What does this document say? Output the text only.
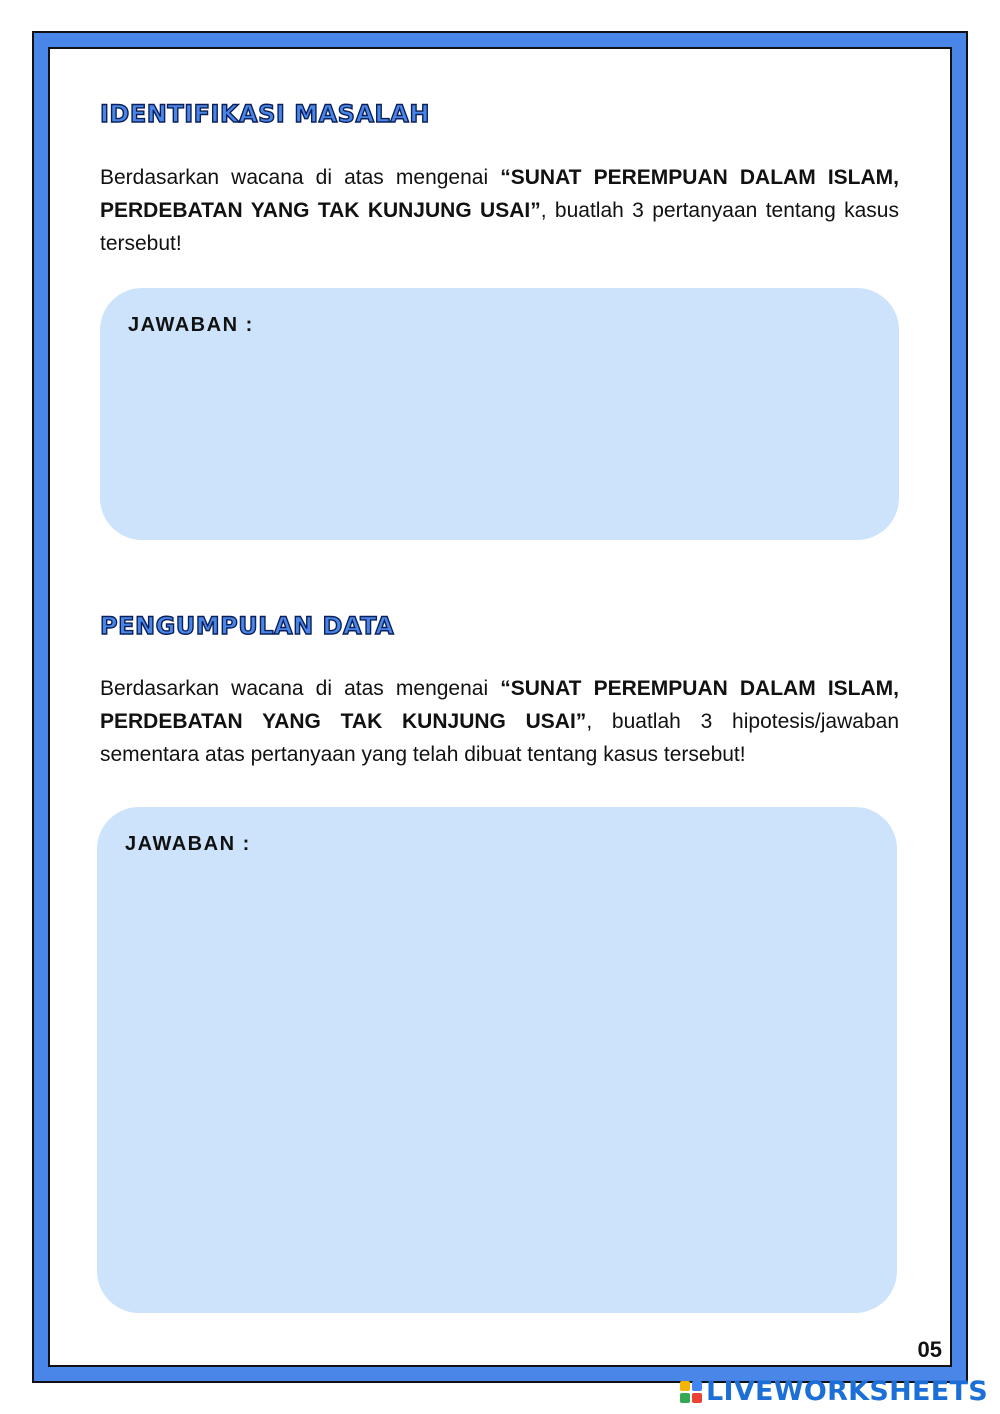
IDENTIFIKASI MASALAH

Berdasarkan wacana di atas mengenai “SUNAT PEREMPUAN DALAM ISLAM, PERDEBATAN YANG TAK KUNJUNG USAI”, buatlah 3 pertanyaan tentang kasus tersebut!

JAWABAN :
PENGUMPULAN DATA

Berdasarkan wacana di atas mengenai “SUNAT PEREMPUAN DALAM ISLAM, PERDEBATAN YANG TAK KUNJUNG USAI”, buatlah 3 hipotesis/jawaban sementara atas pertanyaan yang telah dibuat tentang kasus tersebut!

JAWABAN :
05
LIVEWORKSHEETS
